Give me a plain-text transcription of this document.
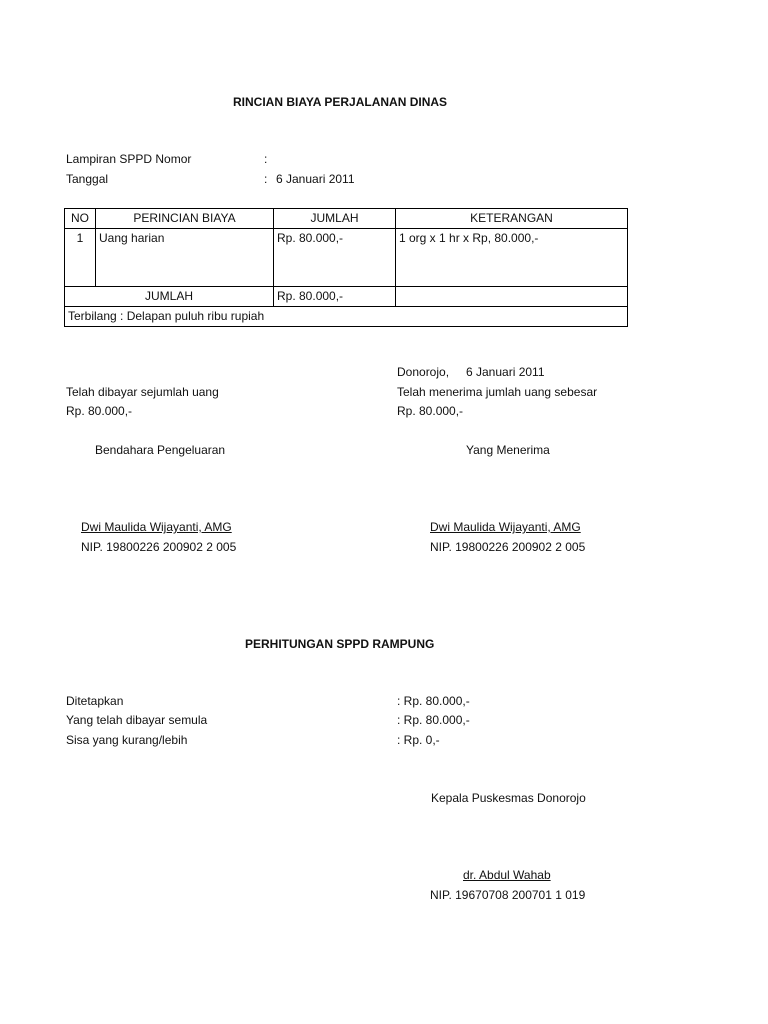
RINCIAN BIAYA PERJALANAN DINAS
Lampiran SPPD Nomor	:
Tanggal	: 6 Januari 2011
NO	PERINCIAN BIAYA	JUMLAH	KETERANGAN
1	Uang harian	Rp. 80.000,-	1 org x 1 hr x Rp, 80.000,-
JUMLAH		Rp. 80.000,-	
Terbilang : Delapan puluh ribu rupiah			
Donorojo, 6 Januari 2011
Telah dibayar sejumlah uang	Telah menerima jumlah uang sebesar
Rp. 80.000,-	Rp. 80.000,-
Bendahara Pengeluaran	Yang Menerima
Dwi Maulida Wijayanti, AMG
NIP. 19800226 200902 2 005
Dwi Maulida Wijayanti, AMG
NIP. 19800226 200902 2 005
PERHITUNGAN SPPD RAMPUNG
Ditetapkan	: Rp. 80.000,-
Yang telah dibayar semula	: Rp. 80.000,-
Sisa yang kurang/lebih	: Rp. 0,-
Kepala Puskesmas Donorojo
dr. Abdul Wahab
NIP. 19670708 200701 1 019
